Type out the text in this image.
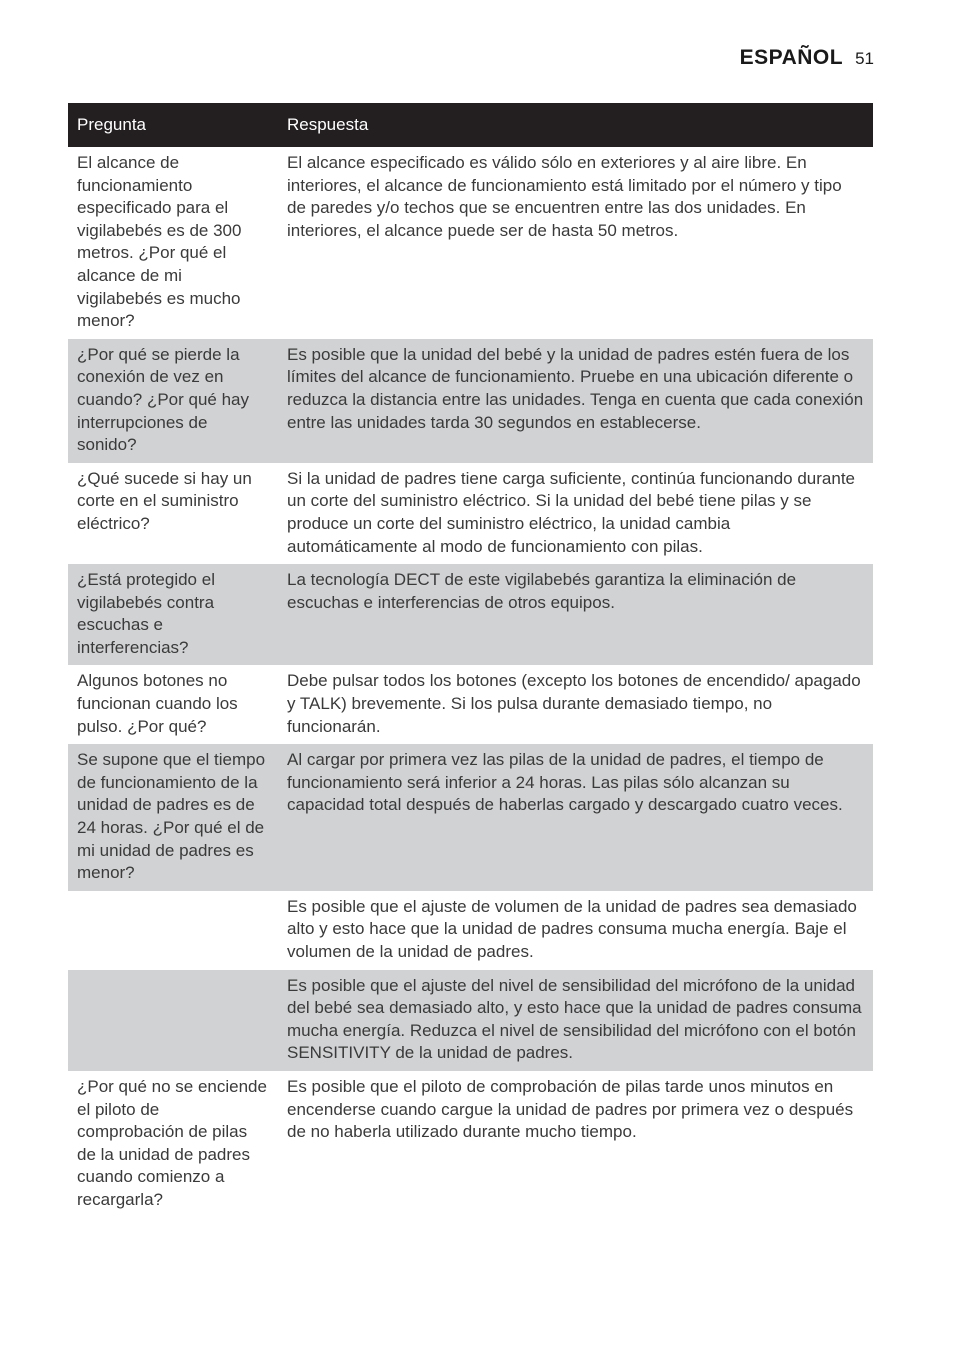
ESPAÑOL 51
Pregunta	Respuesta
El alcance de funcionamiento especificado para el vigilabebés es de 300 metros. ¿Por qué el alcance de mi vigilabebés es mucho menor?	El alcance especificado es válido sólo en exteriores y al aire libre. En interiores, el alcance de funcionamiento está limitado por el número y tipo de paredes y/o techos que se encuentren entre las dos unidades. En interiores, el alcance puede ser de hasta 50 metros.
¿Por qué se pierde la conexión de vez en cuando? ¿Por qué hay interrupciones de sonido?	Es posible que la unidad del bebé y la unidad de padres estén fuera de los límites del alcance de funcionamiento. Pruebe en una ubicación diferente o reduzca la distancia entre las unidades. Tenga en cuenta que cada conexión entre las unidades tarda 30 segundos en establecerse.
¿Qué sucede si hay un corte en el suministro eléctrico?	Si la unidad de padres tiene carga suficiente, continúa funcionando durante un corte del suministro eléctrico. Si la unidad del bebé tiene pilas y se produce un corte del suministro eléctrico, la unidad cambia automáticamente al modo de funcionamiento con pilas.
¿Está protegido el vigilabebés contra escuchas e interferencias?	La tecnología DECT de este vigilabebés garantiza la eliminación de escuchas e interferencias de otros equipos.
Algunos botones no funcionan cuando los pulso. ¿Por qué?	Debe pulsar todos los botones (excepto los botones de encendido/ apagado y TALK) brevemente. Si los pulsa durante demasiado tiempo, no funcionarán.
Se supone que el tiempo de funcionamiento de la unidad de padres es de 24 horas. ¿Por qué el de mi unidad de padres es menor?	Al cargar por primera vez las pilas de la unidad de padres, el tiempo de funcionamiento será inferior a 24 horas. Las pilas sólo alcanzan su capacidad total después de haberlas cargado y descargado cuatro veces.
	Es posible que el ajuste de volumen de la unidad de padres sea demasiado alto y esto hace que la unidad de padres consuma mucha energía. Baje el volumen de la unidad de padres.
	Es posible que el ajuste del nivel de sensibilidad del micrófono de la unidad del bebé sea demasiado alto, y esto hace que la unidad de padres consuma mucha energía. Reduzca el nivel de sensibilidad del micrófono con el botón SENSITIVITY de la unidad de padres.
¿Por qué no se enciende el piloto de comprobación de pilas de la unidad de padres cuando comienzo a recargarla?	Es posible que el piloto de comprobación de pilas tarde unos minutos en encenderse cuando cargue la unidad de padres por primera vez o después de no haberla utilizado durante mucho tiempo.
